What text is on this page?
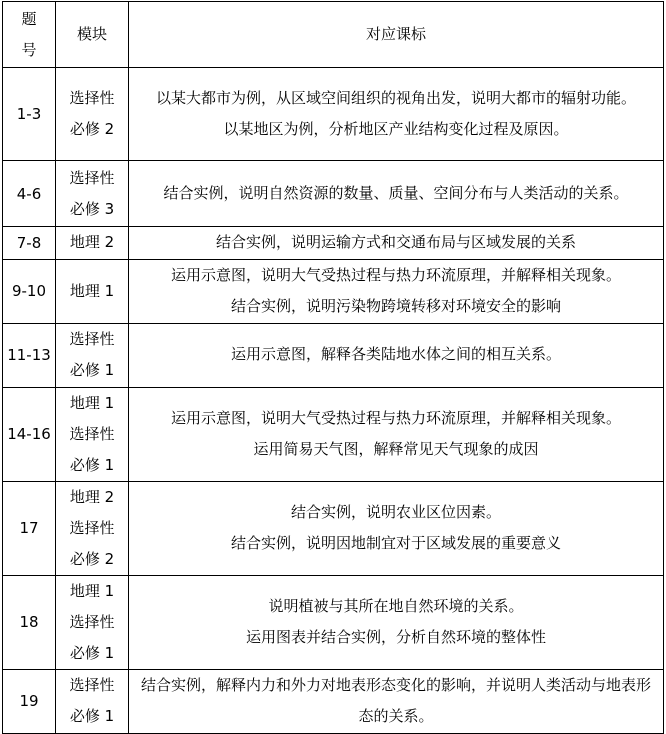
题
号	模块	对应课标
1-3	选择性
必修 2	以某大都市为例，从区域空间组织的视角出发，说明大都市的辐射功能。
以某地区为例，分析地区产业结构变化过程及原因。

4-6	选择性
必修 3	结合实例，说明自然资源的数量、质量、空间分布与人类活动的关系。

7-8	地理 2	结合实例，说明运输方式和交通布局与区域发展的关系

9-10	地理 1	运用示意图，说明大气受热过程与热力环流原理，并解释相关现象。
结合实例，说明污染物跨境转移对环境安全的影响

11-13	选择性
必修 1	运用示意图，解释各类陆地水体之间的相互关系。

14-16	地理 1
选择性
必修 1	运用示意图，说明大气受热过程与热力环流原理，并解释相关现象。
运用简易天气图，解释常见天气现象的成因

17	地理 2
选择性
必修 2	结合实例，说明农业区位因素。
结合实例，说明因地制宜对于区域发展的重要意义

18	地理 1
选择性
必修 1	说明植被与其所在地自然环境的关系。
运用图表并结合实例，分析自然环境的整体性

19	选择性
必修 1	结合实例，解释内力和外力对地表形态变化的影响，并说明人类活动与地表形态的关系。
